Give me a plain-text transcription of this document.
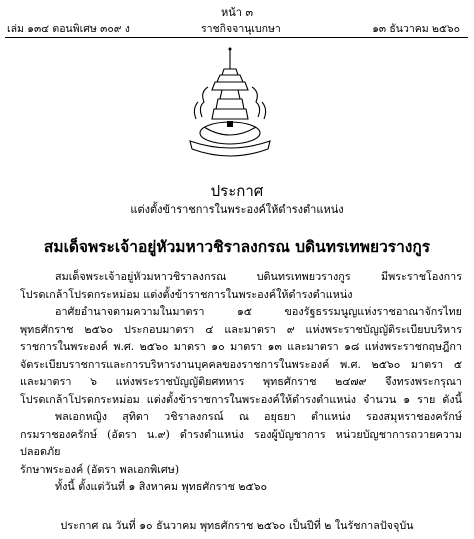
หน้า ๓
เล่ม ๑๓๔ ตอนพิเศษ ๓๐๙ ง	ราชกิจจานุเบกษา	๑๓ ธันวาคม ๒๕๖๐
ประกาศ
แต่งตั้งข้าราชการในพระองค์ให้ดำรงตำแหน่ง
สมเด็จพระเจ้าอยู่หัวมหาวชิราลงกรณ บดินทรเทพยวรางกูร

สมเด็จพระเจ้าอยู่หัวมหาวชิราลงกรณ บดินทรเทพยวรางกูร มีพระราชโองการ

โปรดเกล้าโปรดกระหม่อม แต่งตั้งข้าราชการในพระองค์ให้ดำรงตำแหน่ง

อาศัยอำนาจตามความในมาตรา ๑๕ ของรัฐธรรมนูญแห่งราชอาณาจักรไทย

พุทธศักราช ๒๕๖๐ ประกอบมาตรา ๔ และมาตรา ๙ แห่งพระราชบัญญัติระเบียบบริหาร

ราชการในพระองค์ พ.ศ. ๒๕๖๐ มาตรา ๑๐ มาตรา ๑๓ และมาตรา ๑๘ แห่งพระราชกฤษฎีกา

จัดระเบียบราชการและการบริหารงานบุคคลของราชการในพระองค์ พ.ศ. ๒๕๖๐ มาตรา ๕

และมาตรา ๖ แห่งพระราชบัญญัติยศทหาร พุทธศักราช ๒๔๗๙ จึงทรงพระกรุณา

โปรดเกล้าโปรดกระหม่อม แต่งตั้งข้าราชการในพระองค์ให้ดำรงตำแหน่ง จำนวน ๑ ราย ดังนี้

พลเอกหญิง สุทิดา วชิราลงกรณ์ ณ อยุธยา ตำแหน่ง รองสมุหราชองครักษ์

กรมราชองครักษ์ (อัตรา น.๙) ดำรงตำแหน่ง รองผู้บัญชาการ หน่วยบัญชาการถวายความปลอดภัย

รักษาพระองค์ (อัตรา พลเอกพิเศษ)

ทั้งนี้ ตั้งแต่วันที่ ๑ สิงหาคม พุทธศักราช ๒๕๖๐

ประกาศ ณ วันที่ ๑๐ ธันวาคม พุทธศักราช ๒๕๖๐ เป็นปีที่ ๒ ในรัชกาลปัจจุบัน
